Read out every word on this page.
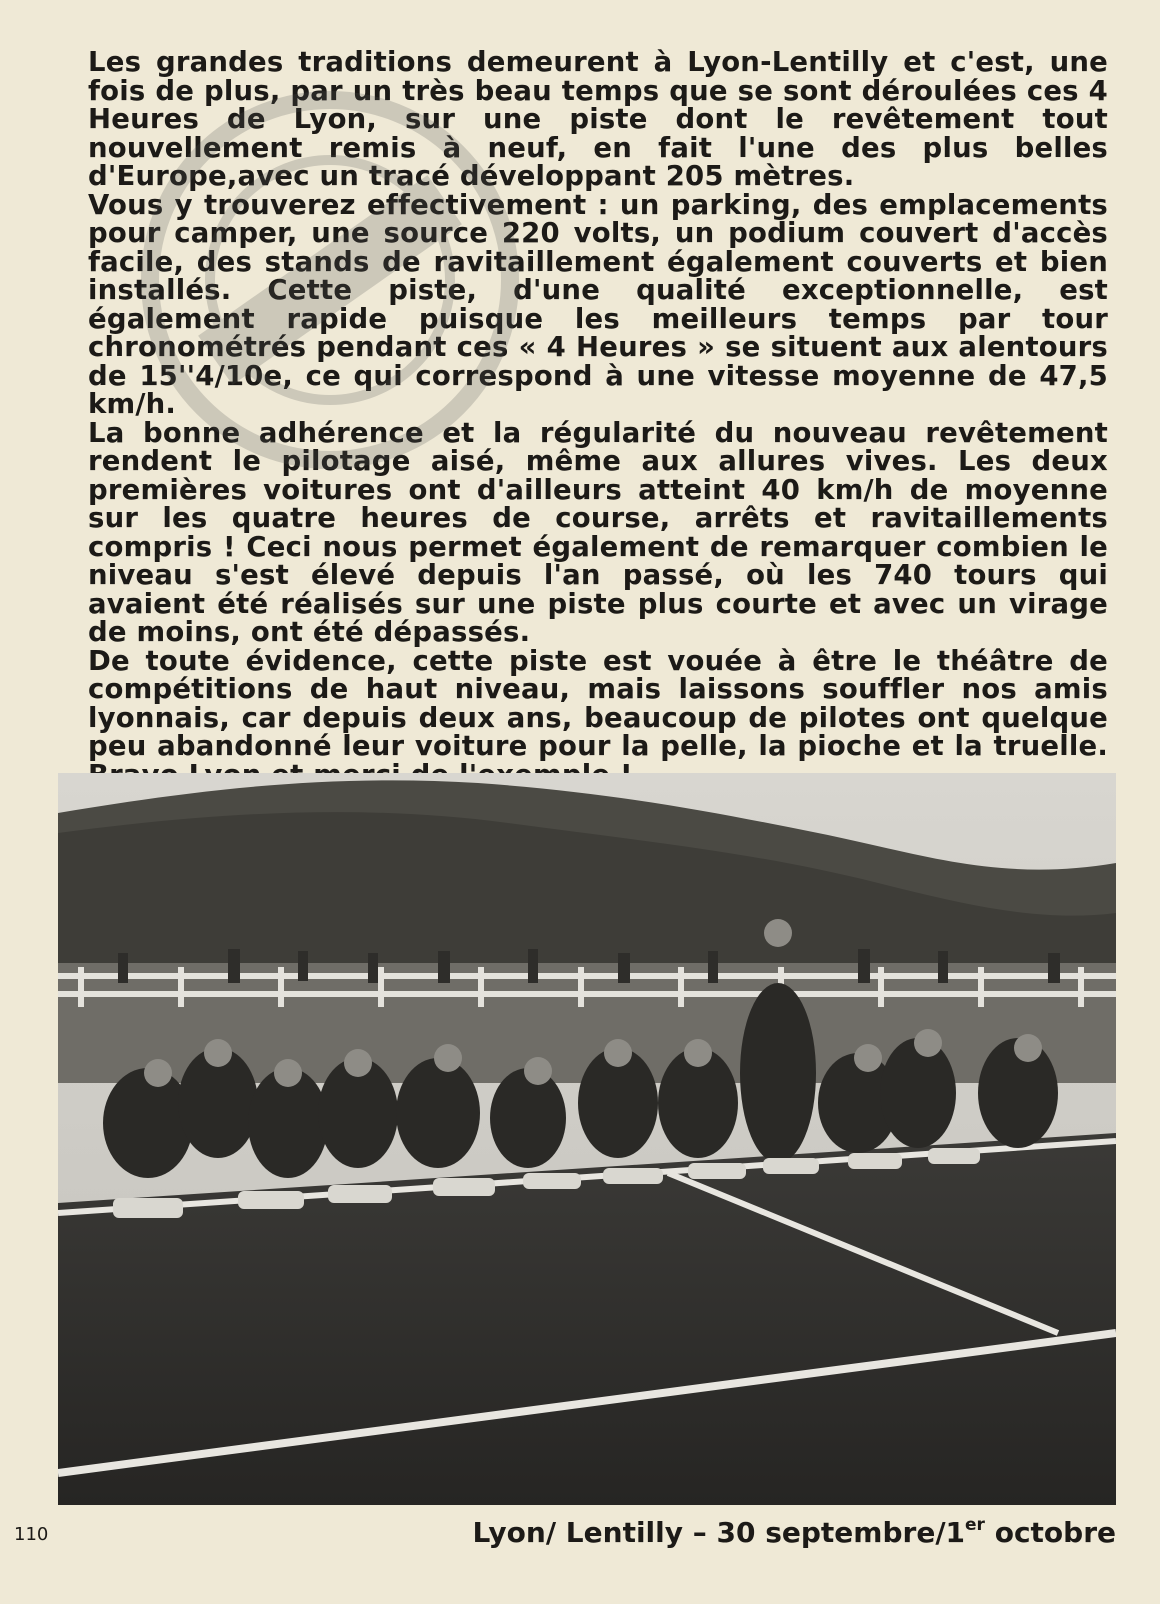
Les grandes traditions demeurent à Lyon-Lentilly et c'est, une fois de plus, par un très beau temps que se sont déroulées ces 4 Heures de Lyon, sur une piste dont le revêtement tout nouvellement remis à neuf, en fait l'une des plus belles d'Europe,avec un tracé développant 205 mètres.

Vous y trouverez effectivement : un parking, des emplacements pour camper, une source 220 volts, un podium couvert d'accès facile, des stands de ravitaillement également couverts et bien installés. Cette piste, d'une qualité exceptionnelle, est également rapide puisque les meilleurs temps par tour chronométrés pendant ces « 4 Heures » se situent aux alentours de 15''4/10e, ce qui correspond à une vitesse moyenne de 47,5 km/h.

La bonne adhérence et la régularité du nouveau revêtement rendent le pilotage aisé, même aux allures vives. Les deux premières voitures ont d'ailleurs atteint 40 km/h de moyenne sur les quatre heures de course, arrêts et ravitaillements compris ! Ceci nous permet également de remarquer combien le niveau s'est élevé depuis l'an passé, où les 740 tours qui avaient été réalisés sur une piste plus courte et avec un virage de moins, ont été dépassés.

De toute évidence, cette piste est vouée à être le théâtre de compétitions de haut niveau, mais laissons souffler nos amis lyonnais, car depuis deux ans, beaucoup de pilotes ont quelque peu abandonné leur voiture pour la pelle, la pioche et la truelle.

110	Lyon/ Lentilly – 30 septembre/1er octobre
